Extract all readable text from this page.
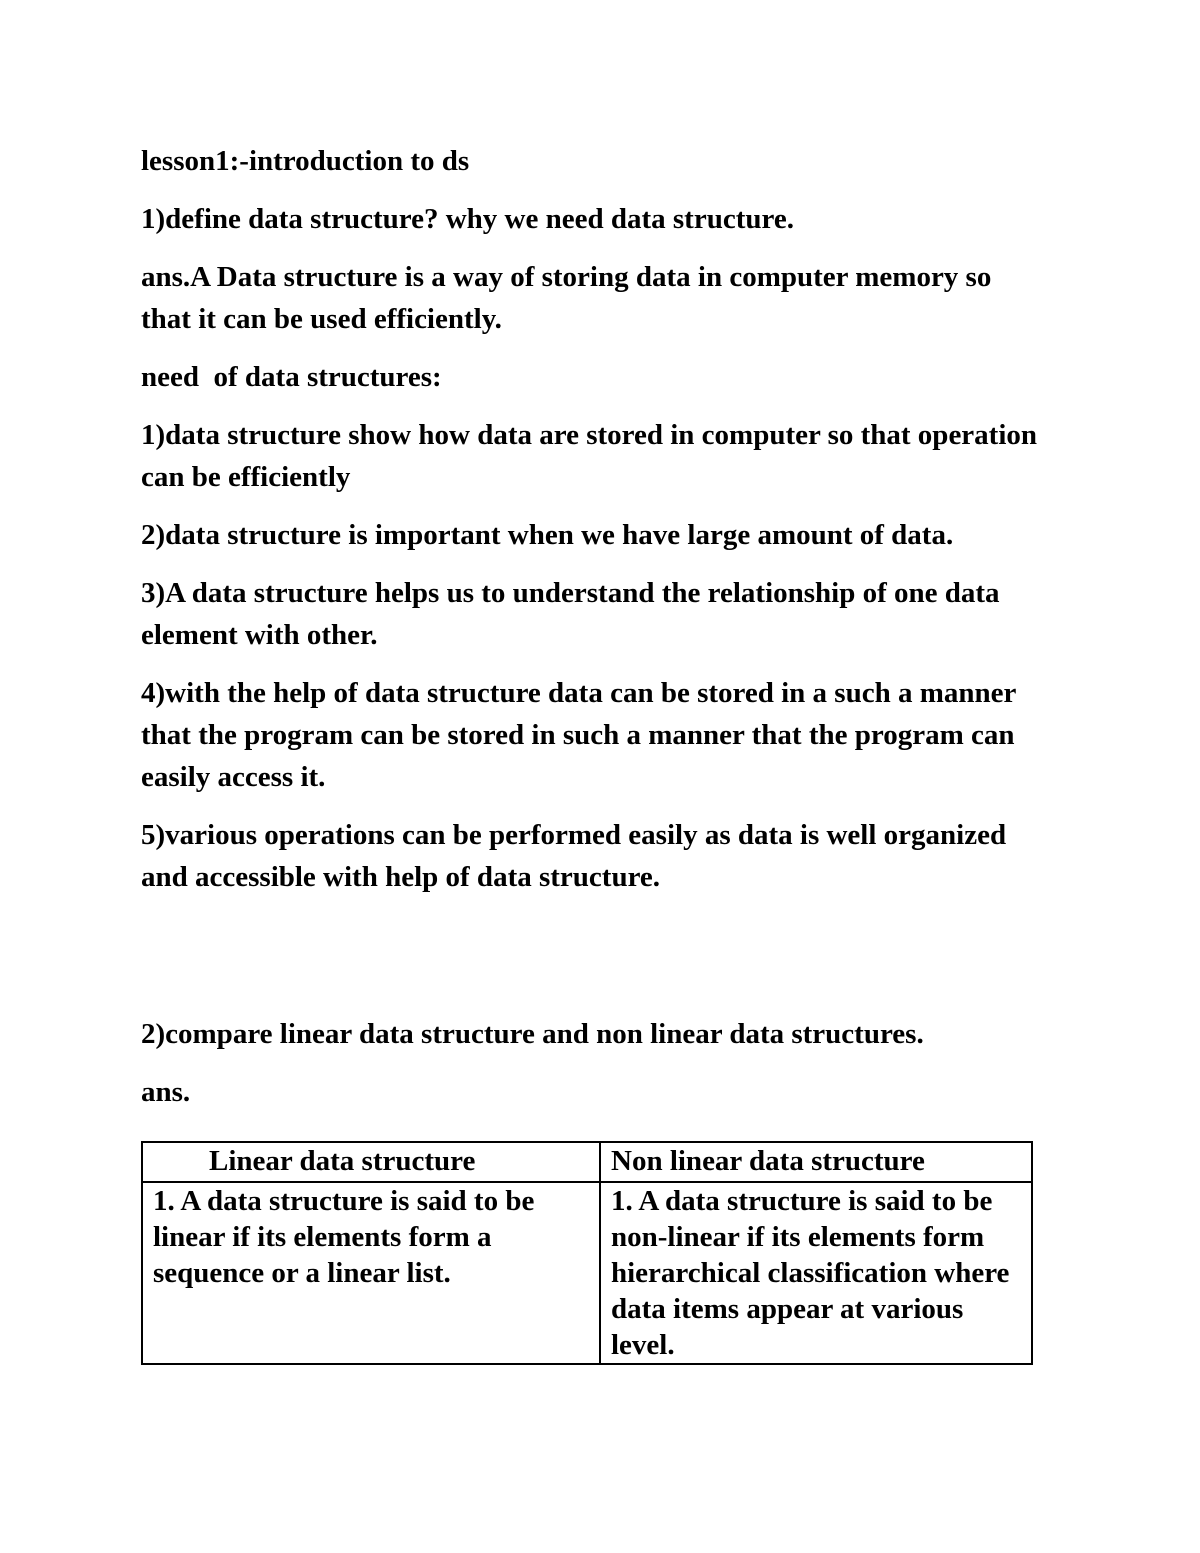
lesson1:-introduction to ds

1)define data structure? why we need data structure.

ans.A Data structure is a way of storing data in computer memory so that it can be used efficiently.

need  of data structures:

1)data structure show how data are stored in computer so that operation can be efficiently

2)data structure is important when we have large amount of data.

3)A data structure helps us to understand the relationship of one data element with other.

4)with the help of data structure data can be stored in a such a manner that the program can be stored in such a manner that the program can easily access it.

5)various operations can be performed easily as data is well organized and accessible with help of data structure.

2)compare linear data structure and non linear data structures.

ans.

Linear data structure	Non linear data structure
1. A data structure is said to be linear if its elements form a sequence or a linear list.	1. A data structure is said to be non-linear if its elements form hierarchical classification where data items appear at various level.
